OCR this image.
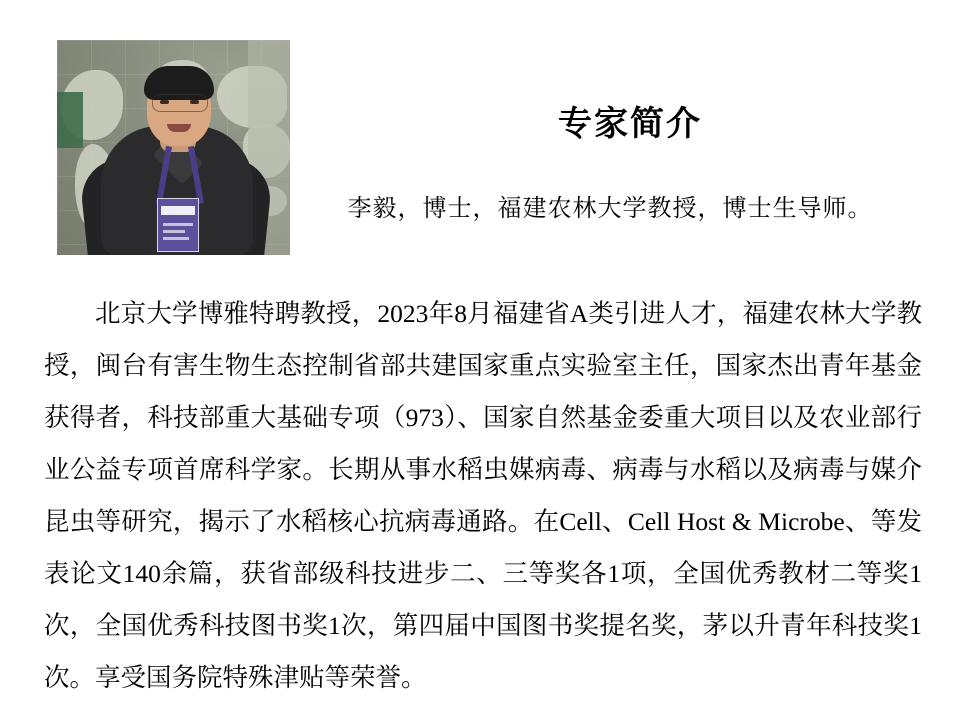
专家简介
李毅，博士，福建农林大学教授，博士生导师。
北京大学博雅特聘教授，2023年8月福建省A类引进人才，福建农林大学教授，闽台有害生物生态控制省部共建国家重点实验室主任，国家杰出青年基金获得者，科技部重大基础专项（973）、国家自然基金委重大项目以及农业部行业公益专项首席科学家。长期从事水稻虫媒病毒、病毒与水稻以及病毒与媒介昆虫等研究，揭示了水稻核心抗病毒通路。在Cell、Cell Host & Microbe、等发表论文140余篇，获省部级科技进步二、三等奖各1项，全国优秀教材二等奖1次，全国优秀科技图书奖1次，第四届中国图书奖提名奖，茅以升青年科技奖1次。享受国务院特殊津贴等荣誉。
